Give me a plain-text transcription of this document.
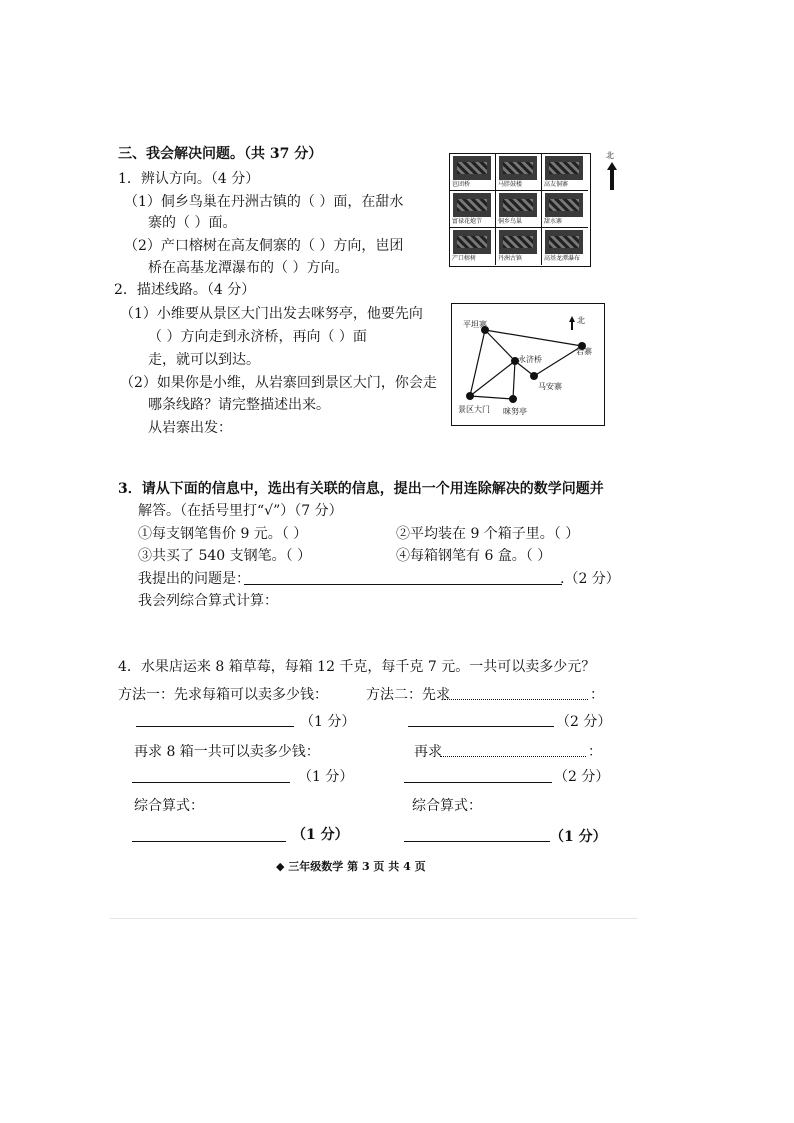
三、我会解决问题。（共 37 分）
1．辨认方向。（4 分）
（1）侗乡鸟巢在丹洲古镇的（ ）面，在甜水
寨的（ ）面。
（2）产口榕树在高友侗寨的（ ）方向，岜团
桥在高基龙潭瀑布的（ ）方向。
岜团桥	马胖鼓楼	高友侗寨
富禄花炮节	侗乡鸟巢	甜水寨
产口榕树	丹洲古镇	高基龙潭瀑布
北
2．描述线路。（4 分）
（1）小维要从景区大门出发去咪努亭，他要先向
（ ）方向走到永济桥，再向（ ）面
走，就可以到达。
（2）如果你是小维，从岩寨回到景区大门，你会走
哪条线路？请完整描述出来。
从岩寨出发：
平坦寨	北
岩寨
永济桥
马安寨
景区大门 咪努亭
3．请从下面的信息中，选出有关联的信息，提出一个用连除解决的数学问题并
解答。（在括号里打“√”）（7 分）
①每支钢笔售价 9 元。（ ）	②平均装在 9 个箱子里。（ ）
③共买了 540 支钢笔。（ ）	④每箱钢笔有 6 盒。（ ）
我提出的问题是：	.（2 分）
我会列综合算式计算：
4．水果店运来 8 箱草莓，每箱 12 千克，每千克 7 元。一共可以卖多少元？
方法一：先求每箱可以卖多少钱：
（1 分）
再求 8 箱一共可以卖多少钱：
（1 分）
综合算式：
（1 分）
方法二：先求	：
（2 分）
再求	：
（2 分）
综合算式：
（1 分）
◆ 三年级数学 第 3 页 共 4 页
